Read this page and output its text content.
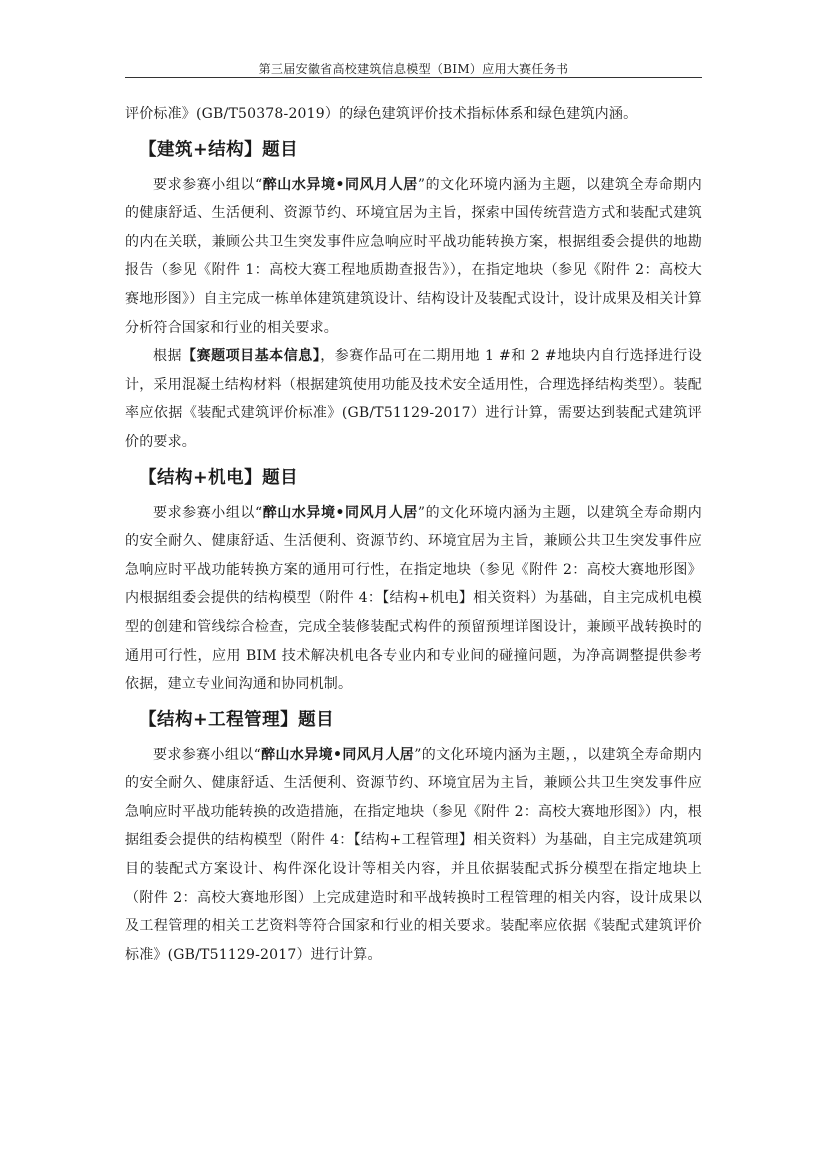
第三届安徽省高校建筑信息模型（BIM）应用大赛任务书

评价标准》(GB/T50378-2019）的绿色建筑评价技术指标体系和绿色建筑内涵。

【建筑+结构】题目

要求参赛小组以“醉山水异境•同风月人居”的文化环境内涵为主题，以建筑全寿命期内的健康舒适、生活便利、资源节约、环境宜居为主旨，探索中国传统营造方式和装配式建筑的内在关联，兼顾公共卫生突发事件应急响应时平战功能转换方案，根据组委会提供的地勘报告（参见《附件 1：高校大赛工程地质勘查报告》），在指定地块（参见《附件 2：高校大赛地形图》）自主完成一栋单体建筑建筑设计、结构设计及装配式设计，设计成果及相关计算分析符合国家和行业的相关要求。

根据【赛题项目基本信息】，参赛作品可在二期用地 1 #和 2 #地块内自行选择进行设计，采用混凝土结构材料（根据建筑使用功能及技术安全适用性，合理选择结构类型）。装配率应依据《装配式建筑评价标准》(GB/T51129-2017）进行计算，需要达到装配式建筑评价的要求。

【结构+机电】题目

要求参赛小组以“醉山水异境•同风月人居”的文化环境内涵为主题，以建筑全寿命期内的安全耐久、健康舒适、生活便利、资源节约、环境宜居为主旨，兼顾公共卫生突发事件应急响应时平战功能转换方案的通用可行性，在指定地块（参见《附件 2：高校大赛地形图》内根据组委会提供的结构模型（附件 4：【结构+机电】相关资料）为基础，自主完成机电模型的创建和管线综合检查，完成全装修装配式构件的预留预埋详图设计，兼顾平战转换时的通用可行性，应用 BIM 技术解决机电各专业内和专业间的碰撞问题，为净高调整提供参考依据，建立专业间沟通和协同机制。

【结构+工程管理】题目

要求参赛小组以“醉山水异境•同风月人居”的文化环境内涵为主题，，以建筑全寿命期内的安全耐久、健康舒适、生活便利、资源节约、环境宜居为主旨，兼顾公共卫生突发事件应急响应时平战功能转换的改造措施，在指定地块（参见《附件 2：高校大赛地形图》）内，根据组委会提供的结构模型（附件 4：【结构+工程管理】相关资料）为基础，自主完成建筑项目的装配式方案设计、构件深化设计等相关内容，并且依据装配式拆分模型在指定地块上（附件 2：高校大赛地形图）上完成建造时和平战转换时工程管理的相关内容，设计成果以及工程管理的相关工艺资料等符合国家和行业的相关要求。装配率应依据《装配式建筑评价标准》(GB/T51129-2017）进行计算。
